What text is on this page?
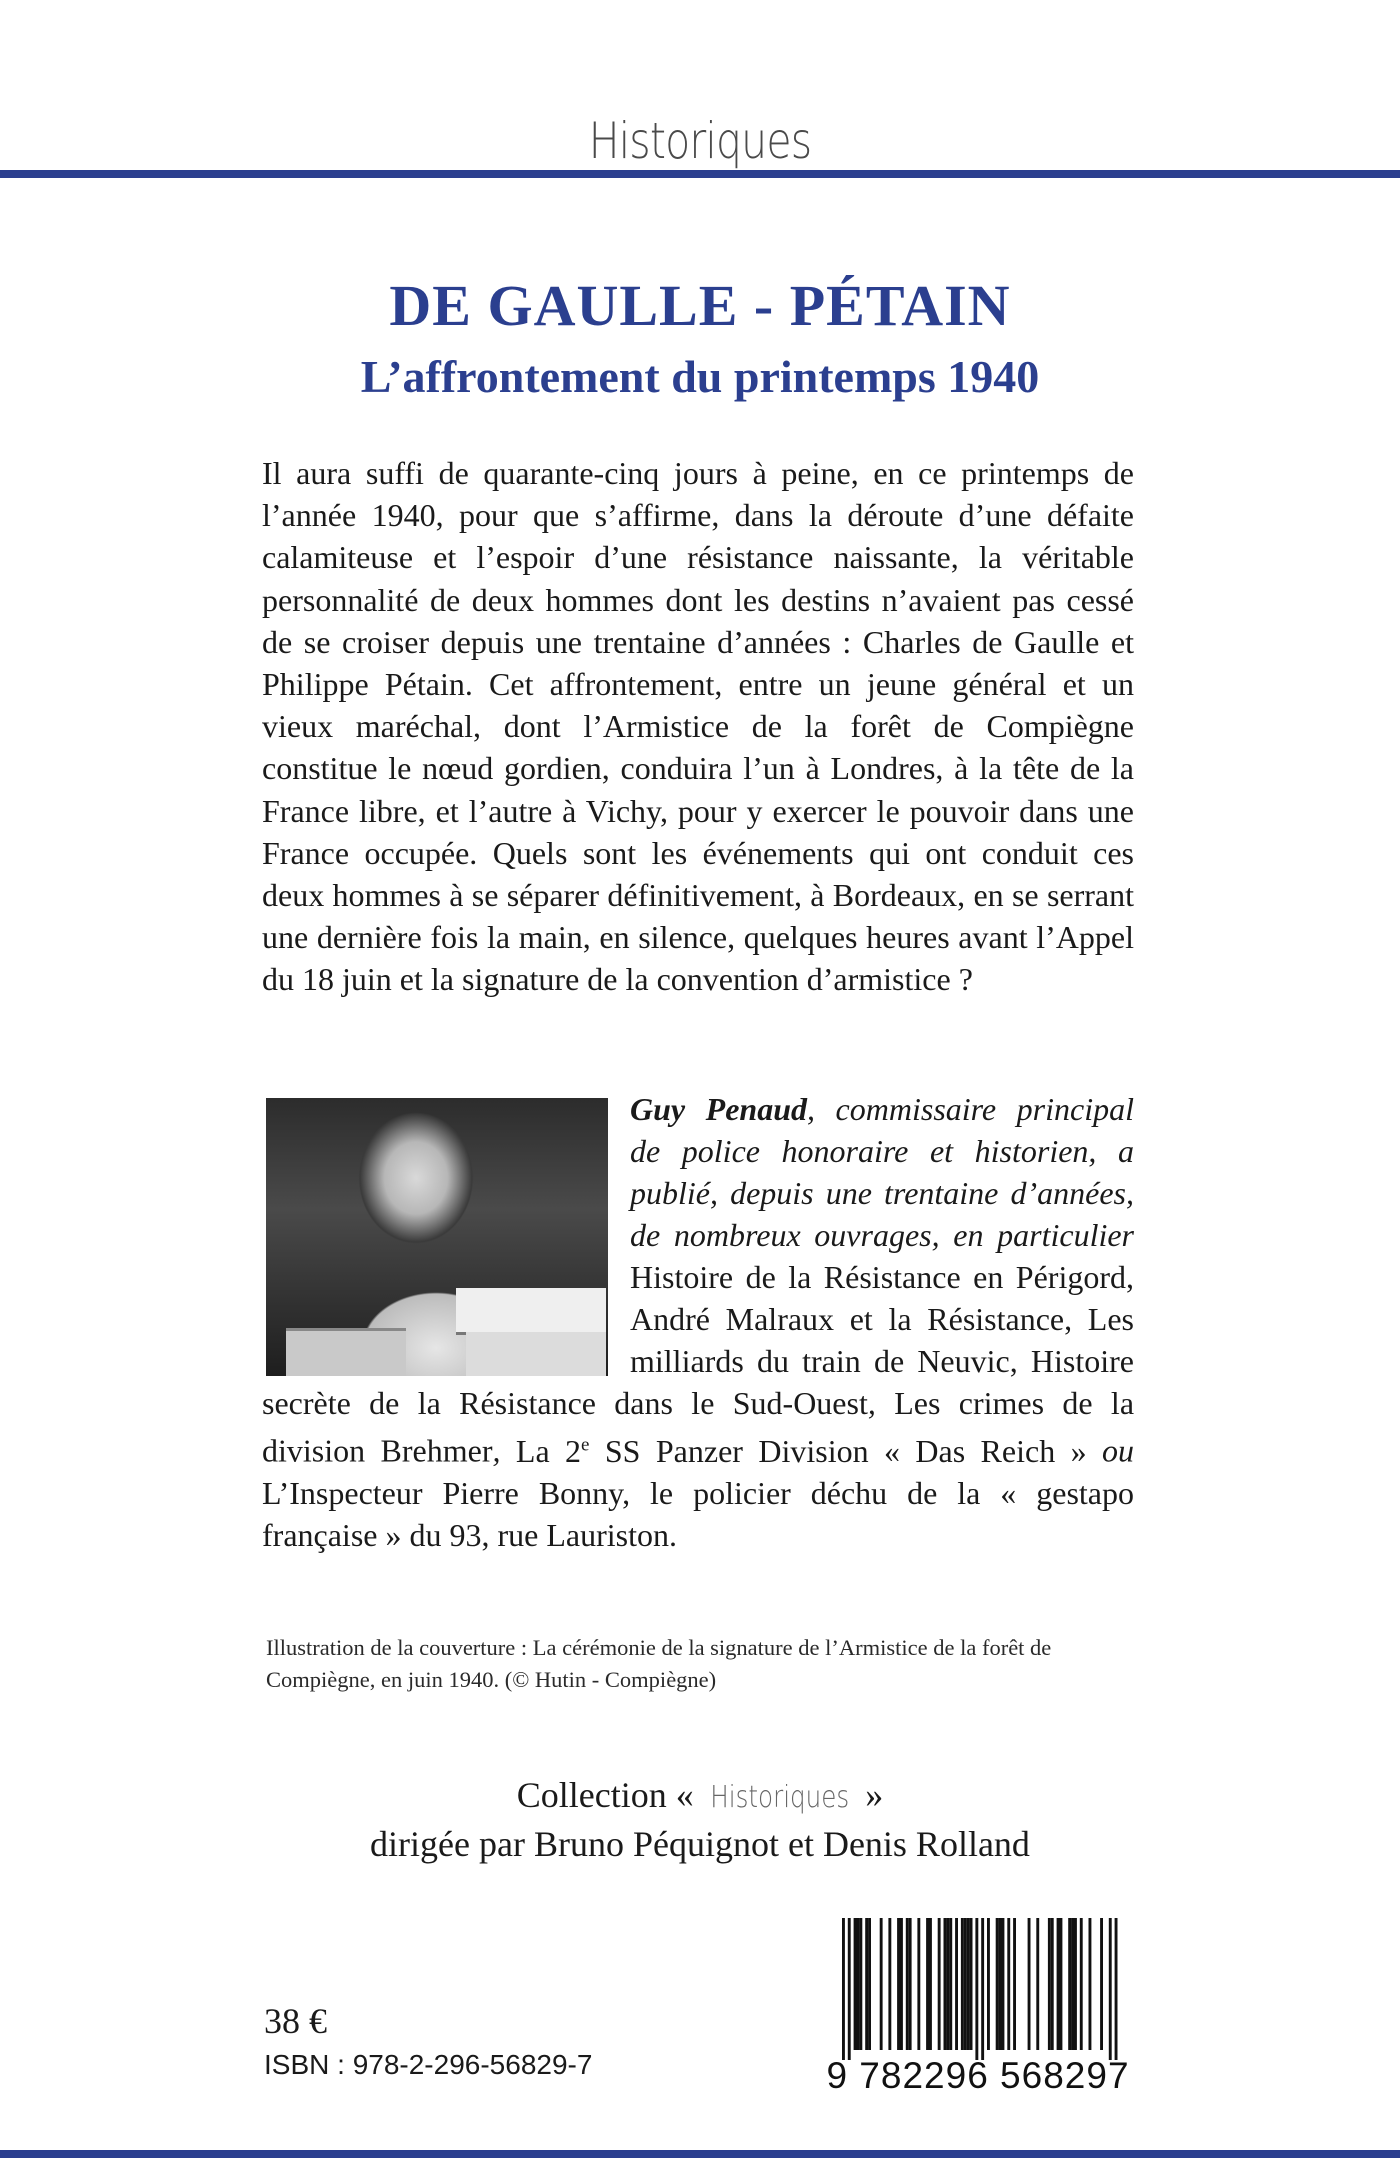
Historiques
DE GAULLE - PÉTAIN
L’affrontement du printemps 1940
Il aura suffi de quarante-cinq jours à peine, en ce printemps de l’année 1940, pour que s’affirme, dans la déroute d’une défaite calamiteuse et l’espoir d’une résistance naissante, la véritable personnalité de deux hommes dont les destins n’avaient pas cessé de se croiser depuis une trentaine d’années : Charles de Gaulle et Philippe Pétain. Cet affrontement, entre un jeune général et un vieux maréchal, dont l’Armistice de la forêt de Compiègne constitue le nœud gordien, conduira l’un à Londres, à la tête de la France libre, et l’autre à Vichy, pour y exercer le pouvoir dans une France occupée. Quels sont les événements qui ont conduit ces deux hommes à se séparer définitivement, à Bordeaux, en se serrant une dernière fois la main, en silence, quelques heures avant l’Appel du 18 juin et la signature de la convention d’armistice ?
Guy Penaud, commissaire principal de police honoraire et historien, a publié, depuis une trentaine d’années, de nombreux ouvrages, en particulier Histoire de la Résistance en Périgord, André Malraux et la Résistance, Les milliards du train de Neuvic, Histoire secrète de la Résistance dans le Sud-Ouest, Les crimes de la division Brehmer, La 2e SS Panzer Division « Das Reich » ou L’Inspecteur Pierre Bonny, le policier déchu de la « gestapo française » du 93, rue Lauriston.
Illustration de la couverture : La cérémonie de la signature de l’Armistice de la forêt de Compiègne, en juin 1940. (© Hutin - Compiègne)
Collection « Historiques »
dirigée par Bruno Péquignot et Denis Rolland
9 782296 568297
38 €
ISBN : 978-2-296-56829-7
